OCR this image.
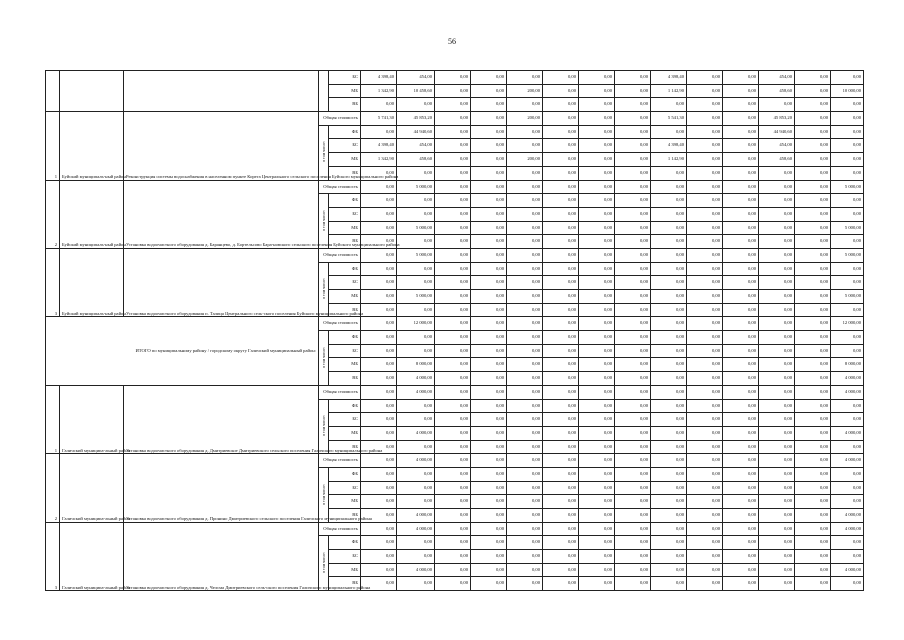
56
				БС	4 398,40	454,00	0,00	0,00	0,00	0,00	0,00	0,00	4 398,40	0,00	0,00	454,00	0,00	0,00
				МБ	1 342,90	10 458,60	0,00	0,00	200,00	0,00	0,00	0,00	1 142,90	0,00	0,00	458,60	0,00	10 000,00
				ВБ	0,00	0,00	0,00	0,00	0,00	0,00	0,00	0,00	0,00	0,00	0,00	0,00	0,00	0,00
1	Буйский муниципаль-ный район	Реконструкция системы водоснабжения в населенном пункте Корега Центрального сельского поселения Буйского муниципального района	Общая стоимость		5 741,30	45 853,20	0,00	0,00	200,00	0,00	0,00	0,00	5 541,30	0,00	0,00	45 853,20	0,00	0,00
			в том числе:	ФБ	0,00	44 940,60	0,00	0,00	0,00	0,00	0,00	0,00	0,00	0,00	0,00	44 940,60	0,00	0,00
				БС	4 398,40	454,00	0,00	0,00	0,00	0,00	0,00	0,00	4 398,40	0,00	0,00	454,00	0,00	0,00
				МБ	1 342,90	458,60	0,00	0,00	200,00	0,00	0,00	0,00	1 142,90	0,00	0,00	458,60	0,00	0,00
				ВБ	0,00	0,00	0,00	0,00	0,00	0,00	0,00	0,00	0,00	0,00	0,00	0,00	0,00	0,00
2	Буйский муниципаль-ный район	Установка водоочистного оборудования д. Баранцево, д. Бортельсово Бара-новского сельского поселения Буйского муниципального района	Общая стоимость		0,00	5 000,00	0,00	0,00	0,00	0,00	0,00	0,00	0,00	0,00	0,00	0,00	0,00	5 000,00
			в том числе:	ФБ	0,00	0,00	0,00	0,00	0,00	0,00	0,00	0,00	0,00	0,00	0,00	0,00	0,00	0,00
				БС	0,00	0,00	0,00	0,00	0,00	0,00	0,00	0,00	0,00	0,00	0,00	0,00	0,00	0,00
				МБ	0,00	5 000,00	0,00	0,00	0,00	0,00	0,00	0,00	0,00	0,00	0,00	0,00	0,00	5 000,00
				ВБ	0,00	0,00	0,00	0,00	0,00	0,00	0,00	0,00	0,00	0,00	0,00	0,00	0,00	0,00
3	Буйский муниципаль-ный район	Установка водоочистного оборудования п. Талица Центрального сель-ского поселения Буйского муниципального района	Общая стоимость		0,00	5 000,00	0,00	0,00	0,00	0,00	0,00	0,00	0,00	0,00	0,00	0,00	0,00	5 000,00
			в том числе:	ФБ	0,00	0,00	0,00	0,00	0,00	0,00	0,00	0,00	0,00	0,00	0,00	0,00	0,00	0,00
				БС	0,00	0,00	0,00	0,00	0,00	0,00	0,00	0,00	0,00	0,00	0,00	0,00	0,00	0,00
				МБ	0,00	5 000,00	0,00	0,00	0,00	0,00	0,00	0,00	0,00	0,00	0,00	0,00	0,00	5 000,00
				ВБ	0,00	0,00	0,00	0,00	0,00	0,00	0,00	0,00	0,00	0,00	0,00	0,00	0,00	0,00
ИТОГО по муниципальному району / городскому округу Галичский муниципальный район:			Общая стоимость		0,00	12 000,00	0,00	0,00	0,00	0,00	0,00	0,00	0,00	0,00	0,00	0,00	0,00	12 000,00
			в том числе:	ФБ	0,00	0,00	0,00	0,00	0,00	0,00	0,00	0,00	0,00	0,00	0,00	0,00	0,00	0,00
				БС	0,00	0,00	0,00	0,00	0,00	0,00	0,00	0,00	0,00	0,00	0,00	0,00	0,00	0,00
				МБ	0,00	8 000,00	0,00	0,00	0,00	0,00	0,00	0,00	0,00	0,00	0,00	0,00	0,00	8 000,00
				ВБ	0,00	4 000,00	0,00	0,00	0,00	0,00	0,00	0,00	0,00	0,00	0,00	0,00	0,00	4 000,00
1	Галичский муниципа-льный район	Установка водоочистного оборудования д. Дмитриевское Дмитриевского сельского поселения Галичского муниципального района	Общая стоимость		0,00	4 000,00	0,00	0,00	0,00	0,00	0,00	0,00	0,00	0,00	0,00	0,00	0,00	4 000,00
			в том числе:	ФБ	0,00	0,00	0,00	0,00	0,00	0,00	0,00	0,00	0,00	0,00	0,00	0,00	0,00	0,00
				БС	0,00	0,00	0,00	0,00	0,00	0,00	0,00	0,00	0,00	0,00	0,00	0,00	0,00	0,00
				МБ	0,00	4 000,00	0,00	0,00	0,00	0,00	0,00	0,00	0,00	0,00	0,00	0,00	0,00	4 000,00
				ВБ	0,00	0,00	0,00	0,00	0,00	0,00	0,00	0,00	0,00	0,00	0,00	0,00	0,00	0,00
2	Галичский муниципа-льный район	Установка водоочистного оборудования д. Пронино Дмитриевского сельского поселения Галичского муниципального района	Общая стоимость		0,00	4 000,00	0,00	0,00	0,00	0,00	0,00	0,00	0,00	0,00	0,00	0,00	0,00	4 000,00
			в том числе:	ФБ	0,00	0,00	0,00	0,00	0,00	0,00	0,00	0,00	0,00	0,00	0,00	0,00	0,00	0,00
				БС	0,00	0,00	0,00	0,00	0,00	0,00	0,00	0,00	0,00	0,00	0,00	0,00	0,00	0,00
				МБ	0,00	0,00	0,00	0,00	0,00	0,00	0,00	0,00	0,00	0,00	0,00	0,00	0,00	0,00
				ВБ	0,00	4 000,00	0,00	0,00	0,00	0,00	0,00	0,00	0,00	0,00	0,00	0,00	0,00	4 000,00
3	Галичский муниципа-льный район	Установка водоочистного оборудования д. Челсма Дмитриевского сель-ского поселения Галичского муниципального района	Общая стоимость		0,00	4 000,00	0,00	0,00	0,00	0,00	0,00	0,00	0,00	0,00	0,00	0,00	0,00	4 000,00
			в том числе:	ФБ	0,00	0,00	0,00	0,00	0,00	0,00	0,00	0,00	0,00	0,00	0,00	0,00	0,00	0,00
				БС	0,00	0,00	0,00	0,00	0,00	0,00	0,00	0,00	0,00	0,00	0,00	0,00	0,00	0,00
				МБ	0,00	4 000,00	0,00	0,00	0,00	0,00	0,00	0,00	0,00	0,00	0,00	0,00	0,00	4 000,00
				ВБ	0,00	0,00	0,00	0,00	0,00	0,00	0,00	0,00	0,00	0,00	0,00	0,00	0,00	0,00
